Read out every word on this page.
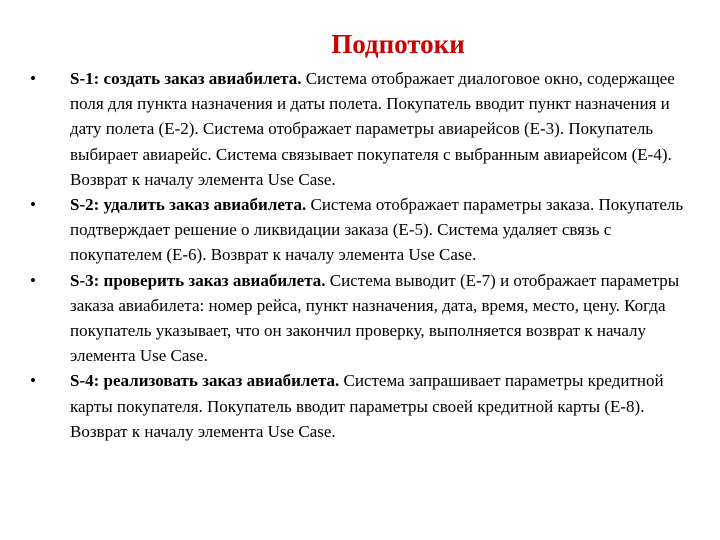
Подпотоки
•	S-1: создать заказ авиабилета. Система отображает диалоговое окно, содержащее поля для пункта назначения и даты полета. Покупатель вводит пункт назначения и дату полета (Е-2). Система отображает параметры авиарейсов (Е-3). Покупатель выбирает авиарейс. Система связывает покупателя с выбранным авиарейсом (Е-4). Возврат к началу элемента Use Case.
•	S-2: удалить заказ авиабилета. Система отображает параметры заказа. Покупатель подтверждает решение о ликвидации заказа (Е-5). Система удаляет связь с покупателем (Е-6). Возврат к началу элемента Use Case.
•	S-3: проверить заказ авиабилета. Система выводит (Е-7) и отображает параметры заказа авиабилета: номер рейса, пункт назначения, дата, время, место, цену. Когда покупатель указывает, что он закончил проверку, выполняется возврат к началу элемента Use Case.
•	S-4: реализовать заказ авиабилета. Система запрашивает параметры кредитной карты покупателя. Покупатель вводит параметры своей кредитной карты (Е-8). Возврат к началу элемента Use Case.
